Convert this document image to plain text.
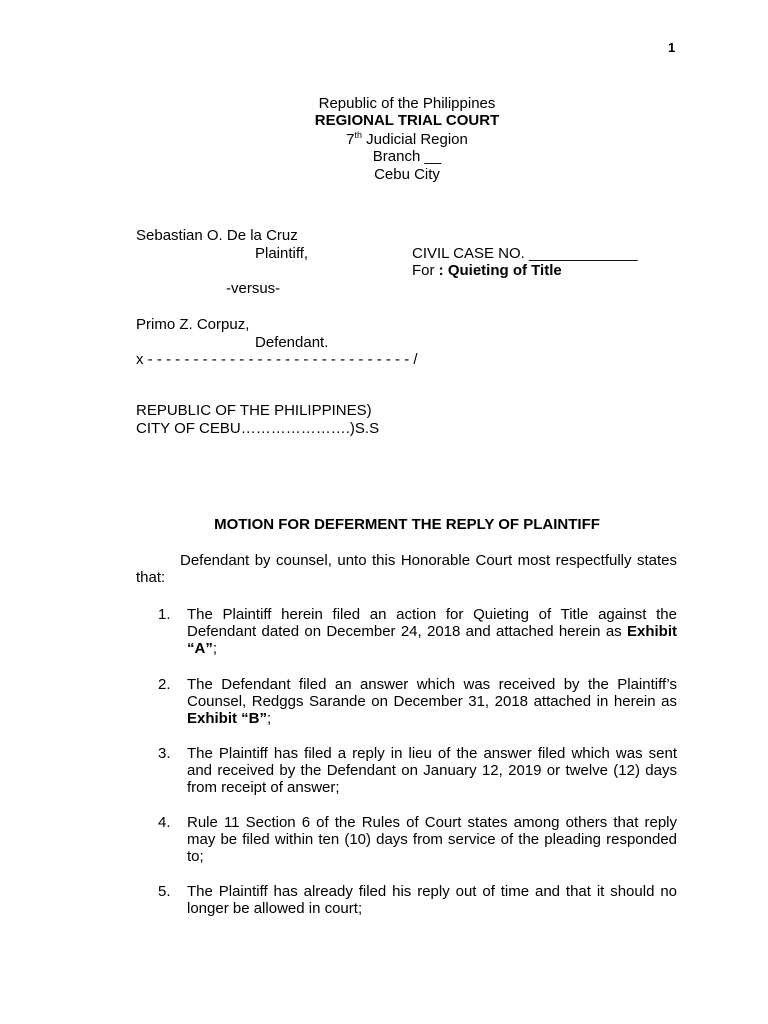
1
Republic of the Philippines
REGIONAL TRIAL COURT
7th Judicial Region
Branch __
Cebu City
Sebastian O. De la Cruz
Plaintiff,	CIVIL CASE NO. _____________
For : Quieting of Title
-versus-
Primo Z. Corpuz,
Defendant.
x - - - - - - - - - - - - - - - - - - - - - - - - - - - - - /
REPUBLIC OF THE PHILIPPINES)
CITY OF CEBU………………….)S.S
MOTION FOR DEFERMENT THE REPLY OF PLAINTIFF
Defendant by counsel, unto this Honorable Court most respectfully states that:
1. The Plaintiff herein filed an action for Quieting of Title against the Defendant dated on December 24, 2018 and attached herein as Exhibit “A”;
2. The Defendant filed an answer which was received by the Plaintiff’s Counsel, Redggs Sarande on December 31, 2018 attached in herein as Exhibit “B”;
3. The Plaintiff has filed a reply in lieu of the answer filed which was sent and received by the Defendant on January 12, 2019 or twelve (12) days from receipt of answer;
4. Rule 11 Section 6 of the Rules of Court states among others that reply may be filed within ten (10) days from service of the pleading responded to;
5. The Plaintiff has already filed his reply out of time and that it should no longer be allowed in court;
